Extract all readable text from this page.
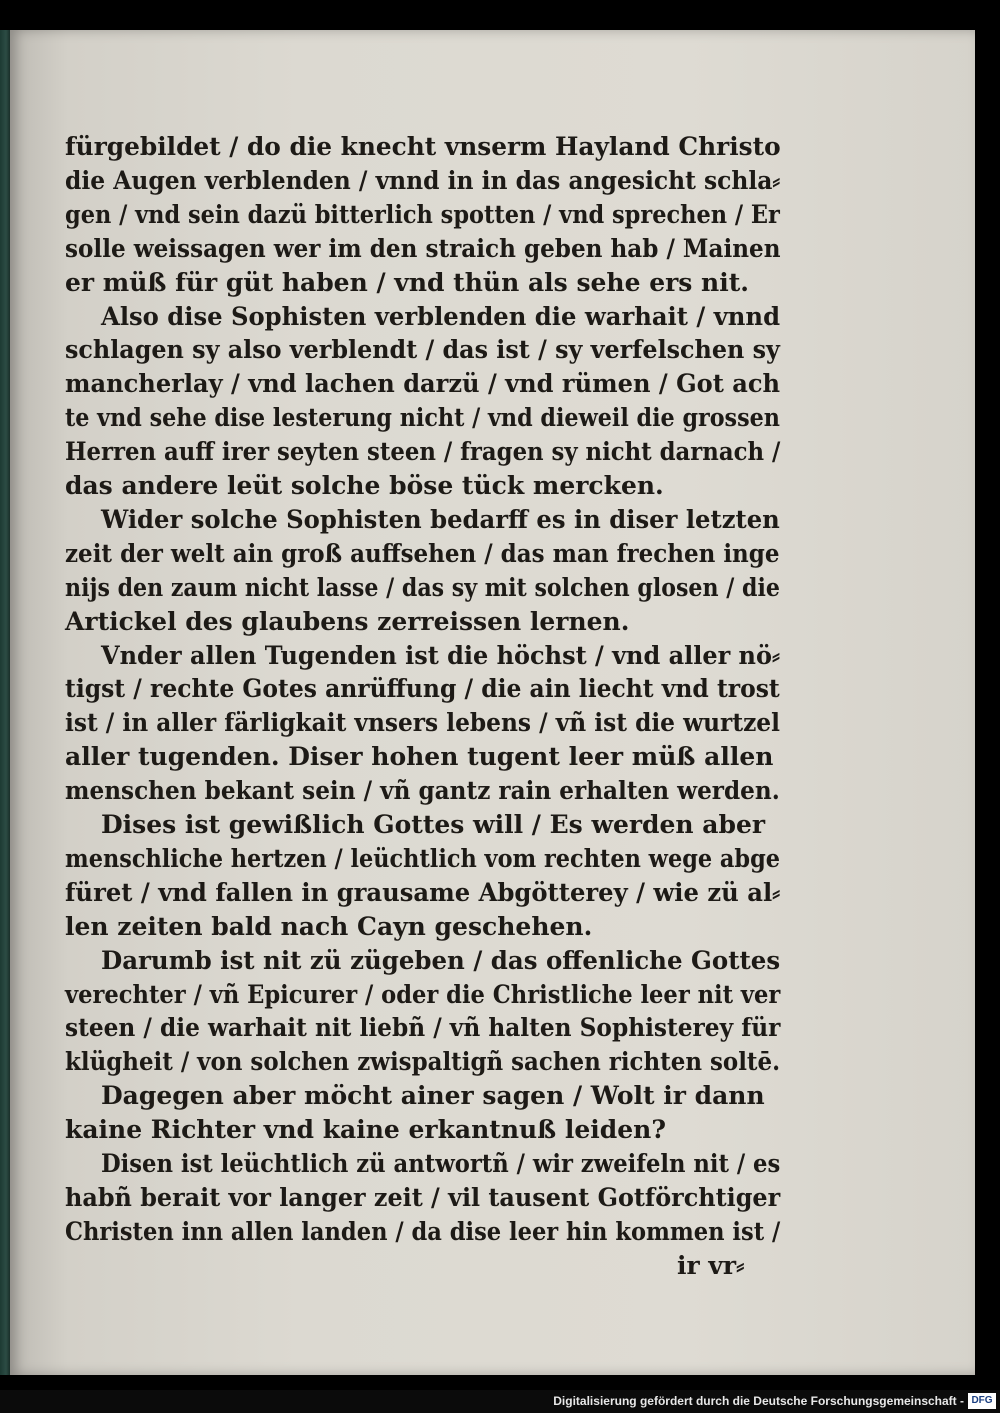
fürgebildet / do die knecht vnserm Hayland Christo
die Augen verblenden / vnnd in in das angesicht schla⸗
gen / vnd sein dazü bitterlich spotten / vnd sprechen / Er
solle weissagen wer im den straich geben hab / Mainen
er müß für güt haben / vnd thün als sehe ers nit.
Also dise Sophisten verblenden die warhait / vnnd
schlagen sy also verblendt / das ist / sy verfelschen sy
mancherlay / vnd lachen darzü / vnd rümen / Got ach
te vnd sehe dise lesterung nicht / vnd dieweil die grossen
Herren auff irer seyten steen / fragen sy nicht darnach /
das andere leüt solche böse tück mercken.
Wider solche Sophisten bedarff es in diser letzten
zeit der welt ain groß auffsehen / das man frechen inge
nijs den zaum nicht lasse / das sy mit solchen glosen / die
Artickel des glaubens zerreissen lernen.
Vnder allen Tugenden ist die höchst / vnd aller nö⸗
tigst / rechte Gotes anrüffung / die ain liecht vnd trost
ist / in aller färligkait vnsers lebens / vñ ist die wurtzel
aller tugenden. Diser hohen tugent leer müß allen
menschen bekant sein / vñ gantz rain erhalten werden.
Dises ist gewißlich Gottes will / Es werden aber
menschliche hertzen / leüchtlich vom rechten wege abge
füret / vnd fallen in grausame Abgötterey / wie zü al⸗
len zeiten bald nach Cayn geschehen.
Darumb ist nit zü zügeben / das offenliche Gottes
verechter / vñ Epicurer / oder die Christliche leer nit ver
steen / die warhait nit liebñ / vñ halten Sophisterey für
klügheit / von solchen zwispaltigñ sachen richten soltē.
Dagegen aber möcht ainer sagen / Wolt ir dann
kaine Richter vnd kaine erkantnuß leiden?
Disen ist leüchtlich zü antwortñ / wir zweifeln nit / es
habñ berait vor langer zeit / vil tausent Gotförchtiger
Christen inn allen landen / da dise leer hin kommen ist /
ir vr⸗
Digitalisierung gefördert durch die Deutsche Forschungsgemeinschaft - DFG
